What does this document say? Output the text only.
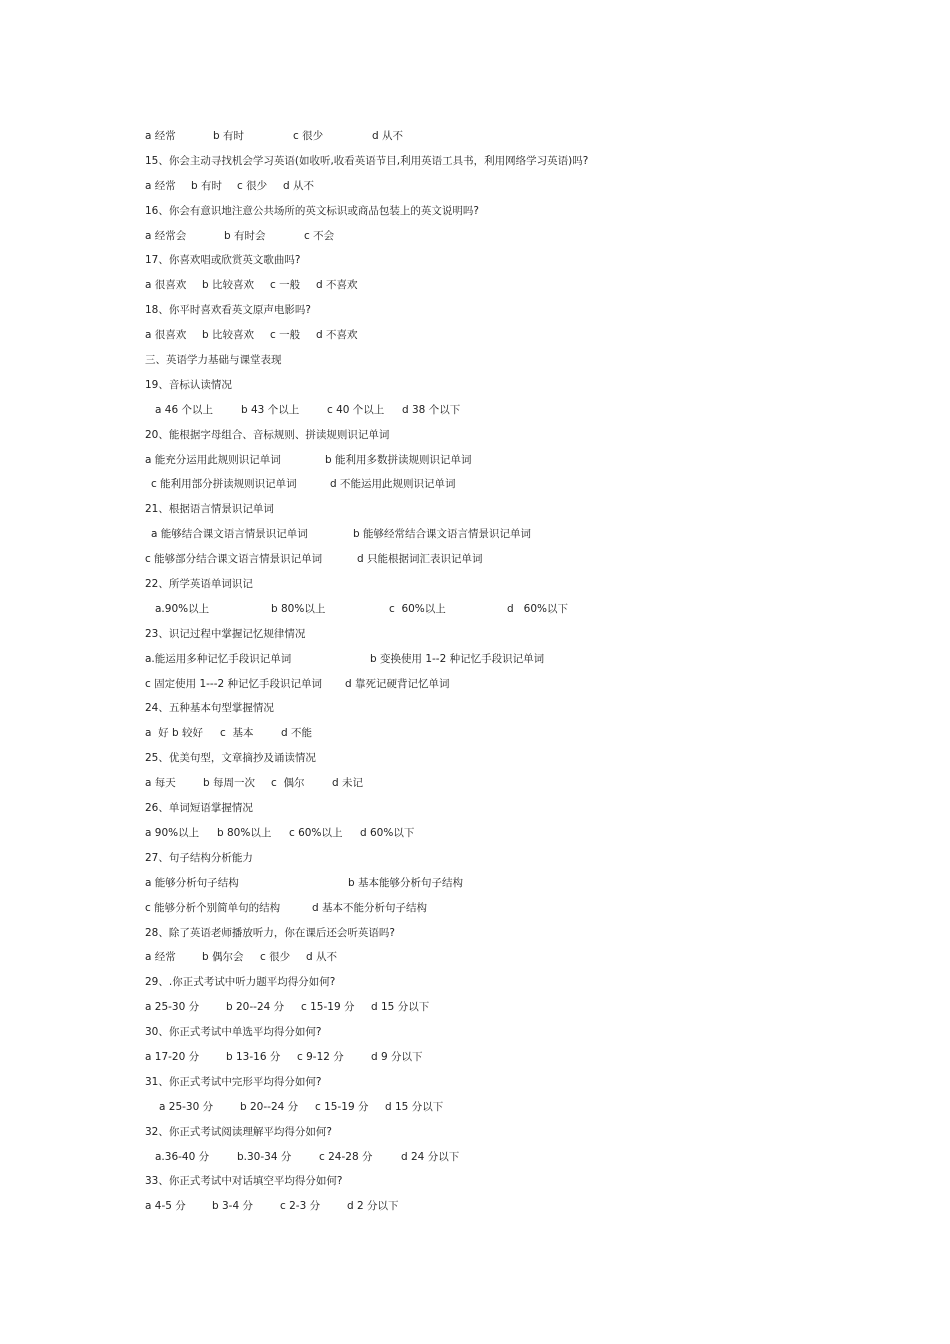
a 经常	b 有时	c 很少	d 从不
15、你会主动寻找机会学习英语(如收听,收看英语节目,利用英语工具书，利用网络学习英语)吗?
a 经常 b 有时 c 很少 d 从不
16、你会有意识地注意公共场所的英文标识或商品包装上的英文说明吗?
a 经常会	b 有时会	c 不会
17、你喜欢唱或欣赏英文歌曲吗?
a 很喜欢 b 比较喜欢 c 一般 d 不喜欢
18、你平时喜欢看英文原声电影吗?
a 很喜欢 b 比较喜欢 c 一般 d 不喜欢
三、英语学力基础与课堂表现
19、音标认读情况
a 46 个以上	b 43 个以上	c 40 个以上 d 38 个以下
20、能根据字母组合、音标规则、拼读规则识记单词
a 能充分运用此规则识记单词	b 能利用多数拼读规则识记单词
c 能利用部分拼读规则识记单词	d 不能运用此规则识记单词
21、根据语言情景识记单词
a 能够结合课文语言情景识记单词	b 能够经常结合课文语言情景识记单词
c 能够部分结合课文语言情景识记单词	d 只能根据词汇表识记单词
22、所学英语单词识记
a.90%以上	b 80%以上	c  60%以上	d   60%以下
23、识记过程中掌握记忆规律情况
a.能运用多种记忆手段识记单词	b 变换使用 1--2 种记忆手段识记单词
c 固定使用 1---2 种记忆手段识记单词 d 靠死记硬背记忆单词
24、五种基本句型掌握情况
a  好 b 较好 c  基本	d 不能
25、优美句型，文章摘抄及诵读情况
a 每天	b 每周一次 c  偶尔	d 未记
26、单词短语掌握情况
a 90%以上 b 80%以上 c 60%以上 d 60%以下
27、句子结构分析能力
a 能够分析句子结构	b 基本能够分析句子结构
c 能够分析个别简单句的结构	d 基本不能分析句子结构
28、除了英语老师播放听力，你在课后还会听英语吗?
a 经常 b 偶尔会 c 很少 d 从不
29、.你正式考试中听力题平均得分如何?
a 25-30 分	b 20--24 分 c 15-19 分 d 15 分以下
30、你正式考试中单选平均得分如何?
a 17-20 分	b 13-16 分 c 9-12 分	d 9 分以下
31、你正式考试中完形平均得分如何?
a 25-30 分	b 20--24 分 c 15-19 分 d 15 分以下
32、你正式考试阅读理解平均得分如何?
a.36-40 分	b.30-34 分	c 24-28 分	d 24 分以下
33、你正式考试中对话填空平均得分如何?
a 4-5 分 b 3-4 分	c 2-3 分	d 2 分以下
